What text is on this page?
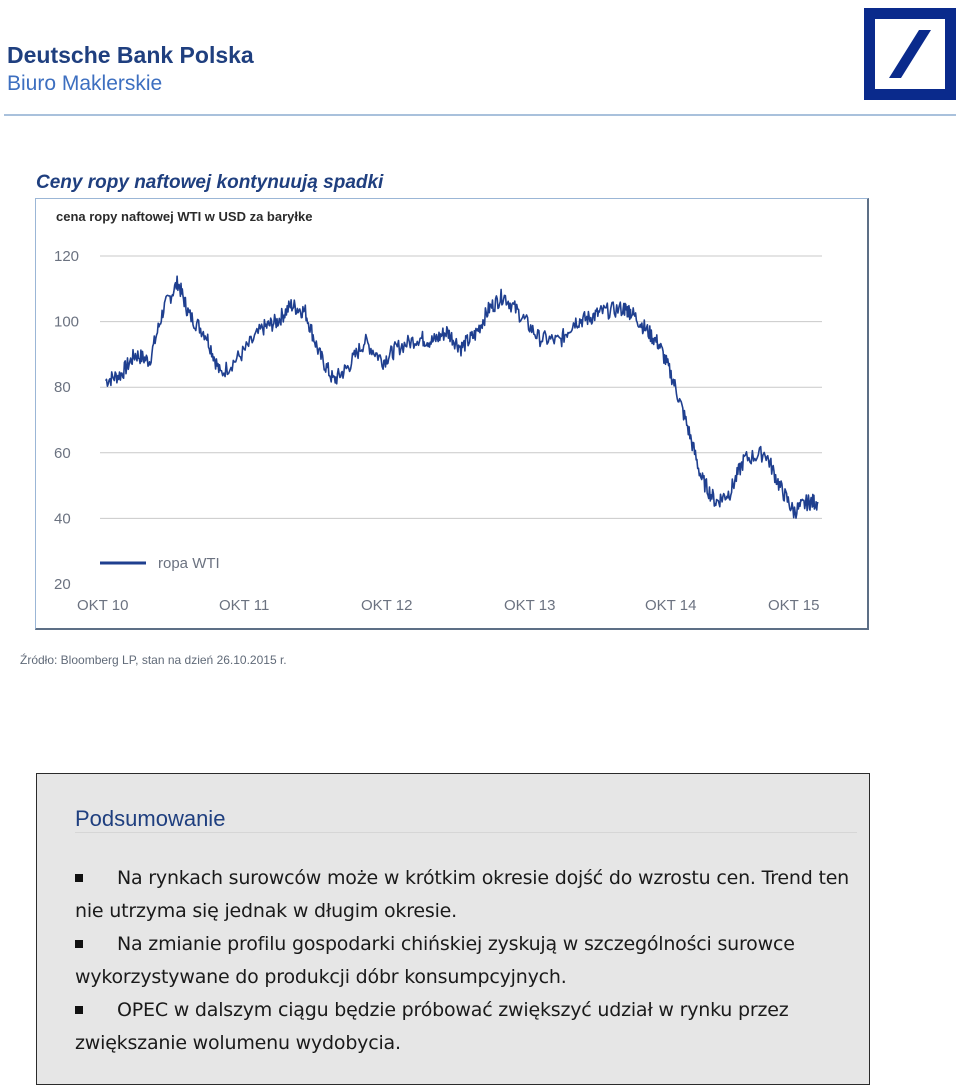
Deutsche Bank Polska
Biuro Maklerskie
Ceny ropy naftowej kontynuują spadki
cena ropy naftowej WTI w USD za baryłke
20
40
60
80
100
120
OKT 10	OKT 11	OKT 12	OKT 13	OKT 14	OKT 15
ropa WTI
Źródło: Bloomberg LP, stan na dzień 26.10.2015 r.
Podsumowanie

Na rynkach surowców może w krótkim okresie dojść do wzrostu cen. Trend ten nie utrzyma się jednak w długim okresie.

Na zmianie profilu gospodarki chińskiej zyskują w szczególności surowce wykorzystywane do produkcji dóbr konsumpcyjnych.

OPEC w dalszym ciągu będzie próbować zwiększyć udział w rynku przez zwiększanie wolumenu wydobycia.
